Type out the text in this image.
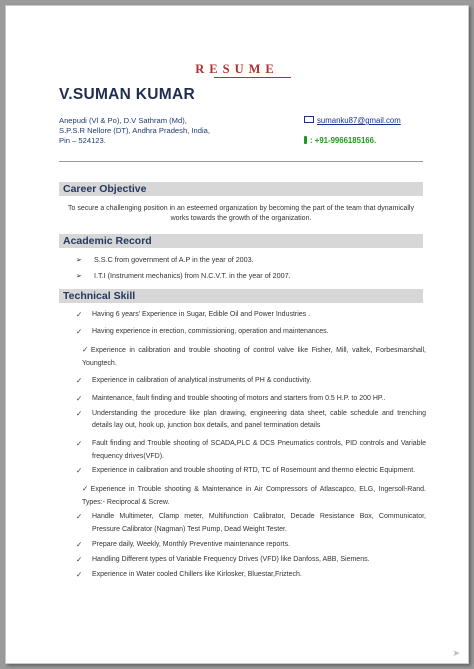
RESUME
V.SUMAN KUMAR
Anepudi (Vl & Po), D.V Sathram (Md),
S.P.S.R Nellore (DT), Andhra Pradesh, India,
Pin – 524123.
sumanku87@gmail.com
: +91-9966185166.
Career Objective
To secure a challenging position in an esteemed organization by becoming the part of the team that dynamically works towards the growth of the organization.
Academic Record
➢ S.S.C from government of A.P in the year of 2003.
➢ I.T.I (Instrument mechanics) from N.C.V.T. in the year of 2007.
Technical Skill
✓ Having 6 years' Experience in Sugar, Edible Oil and Power Industries .
✓ Having experience in erection, commissioning, operation and maintenances.
✓Experience in calibration and trouble shooting of control valve like Fisher, Mill, valtek, Forbesmarshall, Youngtech.
✓ Experience in calibration of analytical instruments of PH & conductivity.
✓ Maintenance, fault finding and trouble shooting of motors and starters from 0.5 H.P. to 200 HP..
✓ Understanding the procedure like plan drawing, engineering data sheet, cable schedule and trenching details lay out, hook up, junction box details, and panel termination details
✓ Fault finding and Trouble shooting of SCADA,PLC & DCS Pneumatics controls, PID controls and Variable frequency drives(VFD).
✓ Experience in calibration and trouble shooting of RTD, TC of Rosemount and thermo electric Equipment.
✓Experience in Trouble shooting & Maintenance in Air Compressors of Atlascapco, ELG, Ingersoll-Rand.              Types:- Reciprocal & Screw.
✓ Handle Multimeter, Clamp meter, Multifunction Calibrator, Decade Resistance Box, Communicator, Pressure Calibrator (Nagman) Test Pump, Dead Weight Tester.
✓ Prepare daily, Weekly, Monthly Preventive maintenance reports.
✓ Handling Different types of Variable Frequency Drives (VFD) like Danfoss, ABB, Siemens.
✓ Experience in Water cooled Chillers like Kirlosker, Bluestar,Friztech.
➤
